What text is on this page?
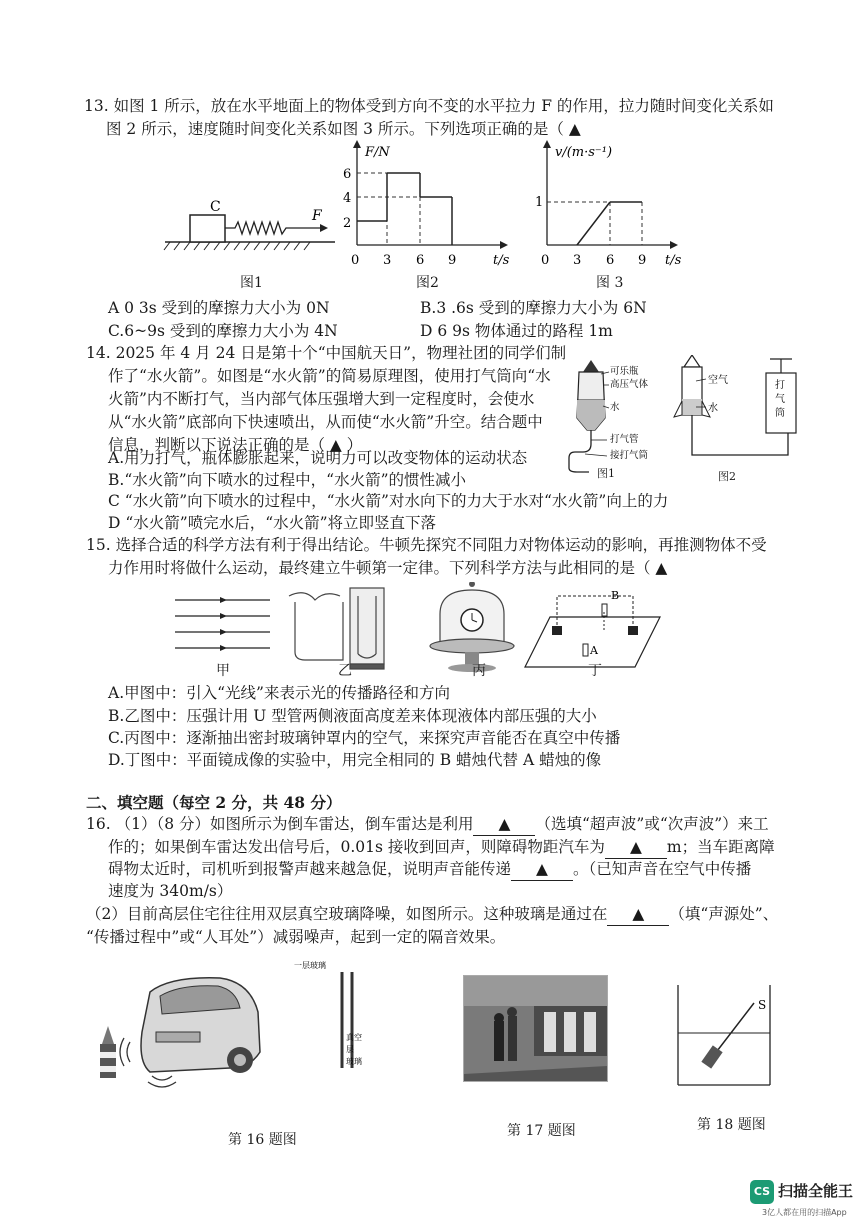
13. 如图 1 所示，放在水平地面上的物体受到方向不变的水平拉力 F 的作用，拉力随时间变化关系如
图 2 所示，速度随时间变化关系如图 3 所示。下列选项正确的是（ ▲
C
F
图1
F/N
6
4
2
0 3 6 9	t/s
图2
v/(m·s⁻¹)
1
0 3 6 9 t/s
图 3
A 0 3s 受到的摩擦力大小为 0N	B.3 .6s 受到的摩擦力大小为 6N
C.6~9s 受到的摩擦力大小为 4N	D 6 9s 物体通过的路程 1m
14. 2025 年 4 月 24 日是第十个“中国航天日”，物理社团的同学们制
作了“水火箭”。如图是“水火箭”的简易原理图，使用打气筒向“水
火箭”内不断打气，当内部气体压强增大到一定程度时，会使水
从“水火箭”底部向下快速喷出，从而使“水火箭”升空。结合题中
信息，判断以下说法正确的是（ ▲ ）
A.用力打气，瓶体膨胀起来，说明力可以改变物体的运动状态
B.“水火箭”向下喷水的过程中，“水火箭”的惯性减小
C “水火箭”向下喷水的过程中，“水火箭”对水向下的力大于水对“水火箭”向上的力
D “水火箭”喷完水后，“水火箭”将立即竖直下落
可乐瓶
高压气体
水
打气管
接打气筒
图1
空气
水
打
气
筒
图2
15. 选择合适的科学方法有利于得出结论。牛顿先探究不同阻力对物体运动的影响，再推测物体不受
力作用时将做什么运动，最终建立牛顿第一定律。下列科学方法与此相同的是（ ▲
B
A
甲	乙	丙	丁
A.甲图中：引入“光线”来表示光的传播路径和方向
B.乙图中：压强计用 U 型管两侧液面高度差来体现液体内部压强的大小
C.丙图中：逐渐抽出密封玻璃钟罩内的空气，来探究声音能否在真空中传播
D.丁图中：平面镜成像的实验中，用完全相同的 B 蜡烛代替 A 蜡烛的像
二、填空题（每空 2 分，共 48 分）
16. （1）（8 分）如图所示为倒车雷达，倒车雷达是利用 ▲ （选填“超声波”或“次声波”）来工
作的；如果倒车雷达发出信号后，0.01s 接收到回声，则障碍物距汽车为 ▲ m；当车距离障
碍物太近时，司机听到报警声越来越急促，说明声音能传递 ▲ 。（已知声音在空气中传播
速度为 340m/s）
（2）目前高层住宅往往用双层真空玻璃降噪，如图所示。这种玻璃是通过在 ▲ （填“声源处”、
“传播过程中”或“人耳处”）减弱噪声，起到一定的隔音效果。
一层玻璃
真空
层
玻璃
S
第 16 题图
第 17 题图	第 18 题图
CS 扫描全能王
3亿人都在用的扫描App
